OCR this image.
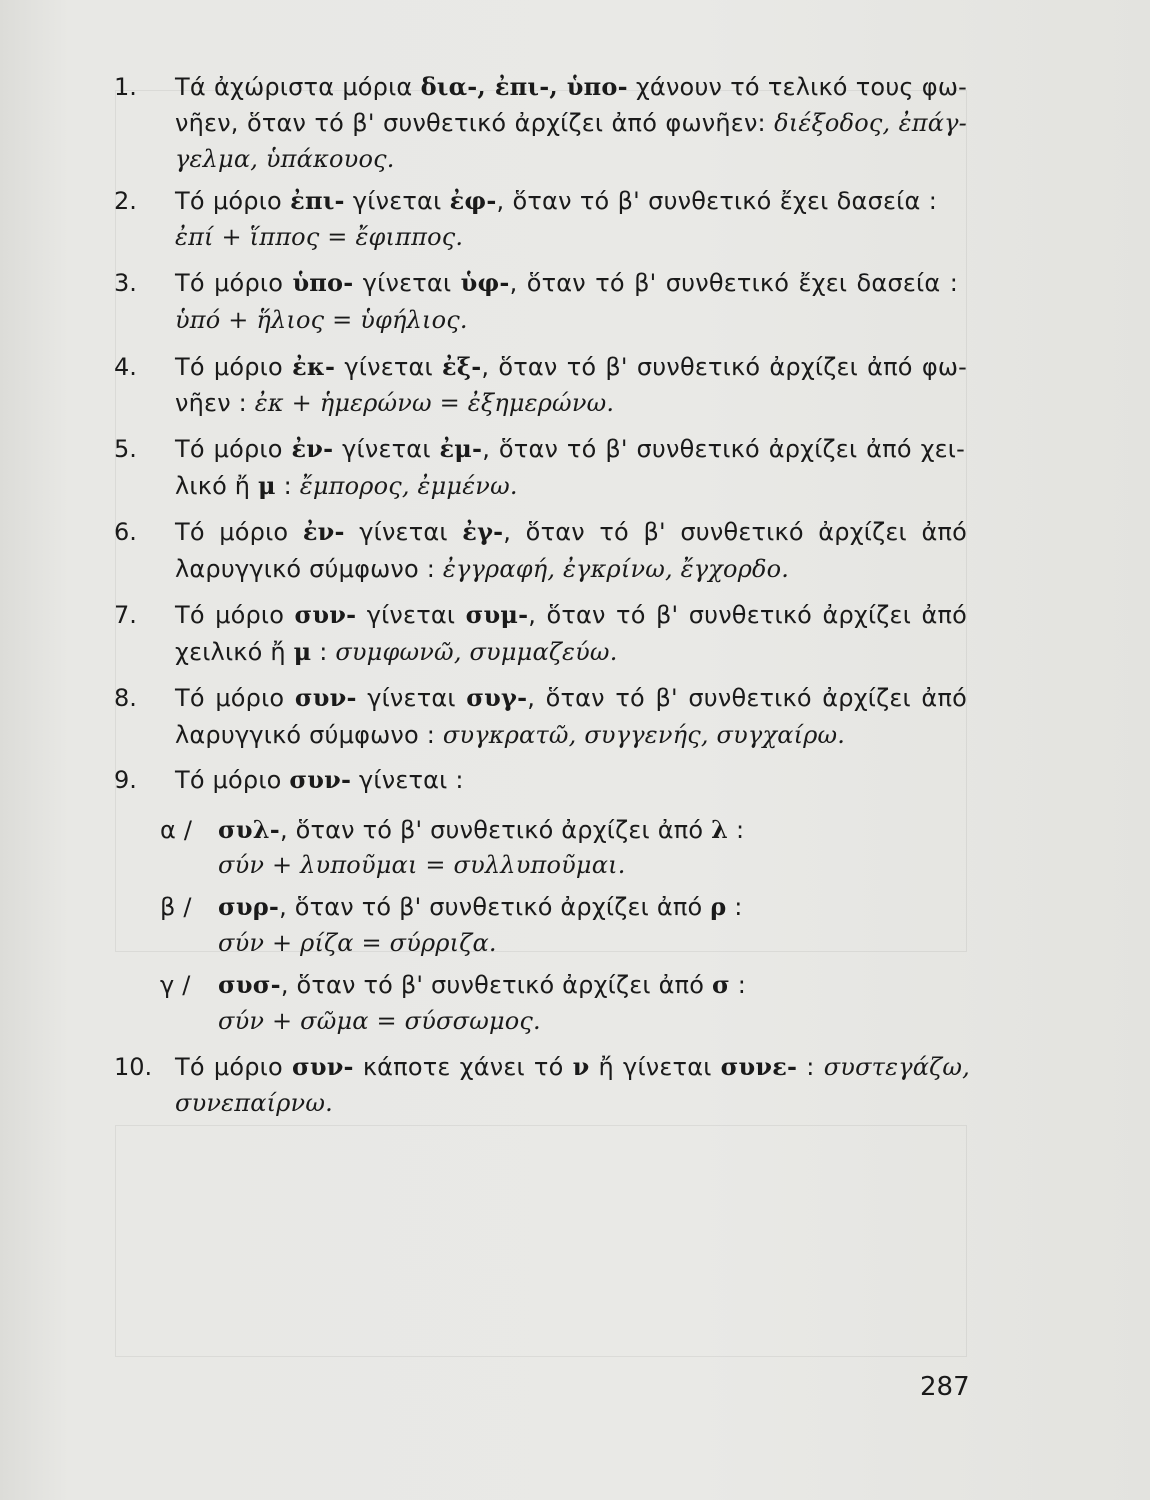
1. Τά ἀχώριστα μόρια δια-, ἐπι-, ὑπο- χάνουν τό τελικό τους φω-
νῆεν, ὅταν τό β' συνθετικό ἀρχίζει ἀπό φωνῆεν: διέξοδος, ἐπάγ-
γελμα, ὑπάκουος.
2. Τό μόριο ἐπι- γίνεται ἐφ-, ὅταν τό β' συνθετικό ἔχει δασεία :
ἐπί + ἵππος = ἔφιππος.
3. Τό μόριο ὑπο- γίνεται ὑφ-, ὅταν τό β' συνθετικό ἔχει δασεία :
ὑπό + ἥλιος = ὑφήλιος.
4. Τό μόριο ἐκ- γίνεται ἐξ-, ὅταν τό β' συνθετικό ἀρχίζει ἀπό φω-
νῆεν : ἐκ + ἡμερώνω = ἐξημερώνω.
5. Τό μόριο ἐν- γίνεται ἐμ-, ὅταν τό β' συνθετικό ἀρχίζει ἀπό χει-
λικό ἤ μ : ἔμπορος, ἐμμένω.
6. Τό μόριο ἐν- γίνεται ἐγ-, ὅταν τό β' συνθετικό ἀρχίζει ἀπό
λαρυγγικό σύμφωνο : ἐγγραφή, ἐγκρίνω, ἔγχορδο.
7. Τό μόριο συν- γίνεται συμ-, ὅταν τό β' συνθετικό ἀρχίζει ἀπό
χειλικό ἤ μ : συμφωνῶ, συμμαζεύω.
8. Τό μόριο συν- γίνεται συγ-, ὅταν τό β' συνθετικό ἀρχίζει ἀπό
λαρυγγικό σύμφωνο : συγκρατῶ, συγγενής, συγχαίρω.
9. Τό μόριο συν- γίνεται :
α / συλ-, ὅταν τό β' συνθετικό ἀρχίζει ἀπό λ :
σύν + λυποῦμαι = συλλυποῦμαι.
β / συρ-, ὅταν τό β' συνθετικό ἀρχίζει ἀπό ρ :
σύν + ρίζα = σύρριζα.
γ / συσ-, ὅταν τό β' συνθετικό ἀρχίζει ἀπό σ :
σύν + σῶμα = σύσσωμος.
10. Τό μόριο συν- κάποτε χάνει τό ν ἤ γίνεται συνε- : συστεγάζω,
συνεπαίρνω.
287
